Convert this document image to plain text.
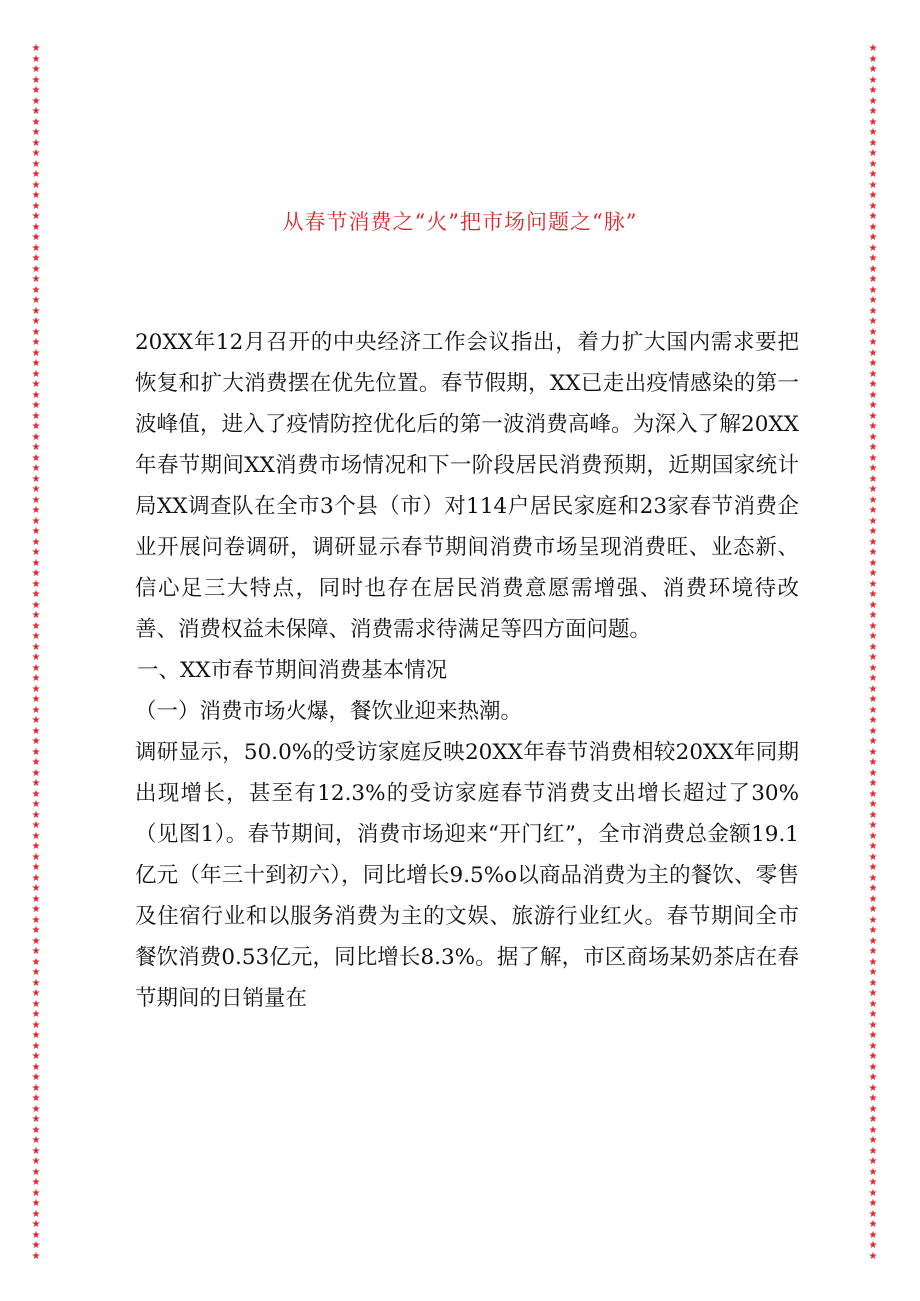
★★★★★★★★★★★★★★★★★★★★★★★★★★★★★★★★★★★★★★★★★★★★★★★★★★★★★★★★★★★★★★★★★★★★★★★★★★★★★★★★★★★★★★★★★★★★★★★★★★★★★★★★★★★★★★★★★★★★
★★★★★★★★★★★★★★★★★★★★★★★★★★★★★★★★★★★★★★★★★★★★★★★★★★★★★★★★★★★★★★★★★★★★★★★★★★★★★★★★★★★★★★★★★★★★★★★★★★★★★★★★★★★★★★★★★★★★
从春节消费之“火”把市场问题之“脉”

20XX年12月召开的中央经济工作会议指出，着力扩大国内需求要把恢复和扩大消费摆在优先位置。春节假期，XX已走出疫情感染的第一波峰值，进入了疫情防控优化后的第一波消费高峰。为深入了解20XX年春节期间XX消费市场情况和下一阶段居民消费预期，近期国家统计局XX调查队在全市3个县（市）对114户居民家庭和23家春节消费企业开展问卷调研，调研显示春节期间消费市场呈现消费旺、业态新、信心足三大特点，同时也存在居民消费意愿需增强、消费环境待改善、消费权益未保障、消费需求待满足等四方面问题。

一、XX市春节期间消费基本情况

（一）消费市场火爆，餐饮业迎来热潮。

调研显示，50.0%的受访家庭反映20XX年春节消费相较20XX年同期出现增长，甚至有12.3%的受访家庭春节消费支出增长超过了30%（见图1）。春节期间，消费市场迎来“开门红”，全市消费总金额19.1亿元（年三十到初六），同比增长9.5%o以商品消费为主的餐饮、零售及住宿行业和以服务消费为主的文娱、旅游行业红火。春节期间全市餐饮消费0.53亿元，同比增长8.3%。据了解，市区商场某奶茶店在春节期间的日销量在
